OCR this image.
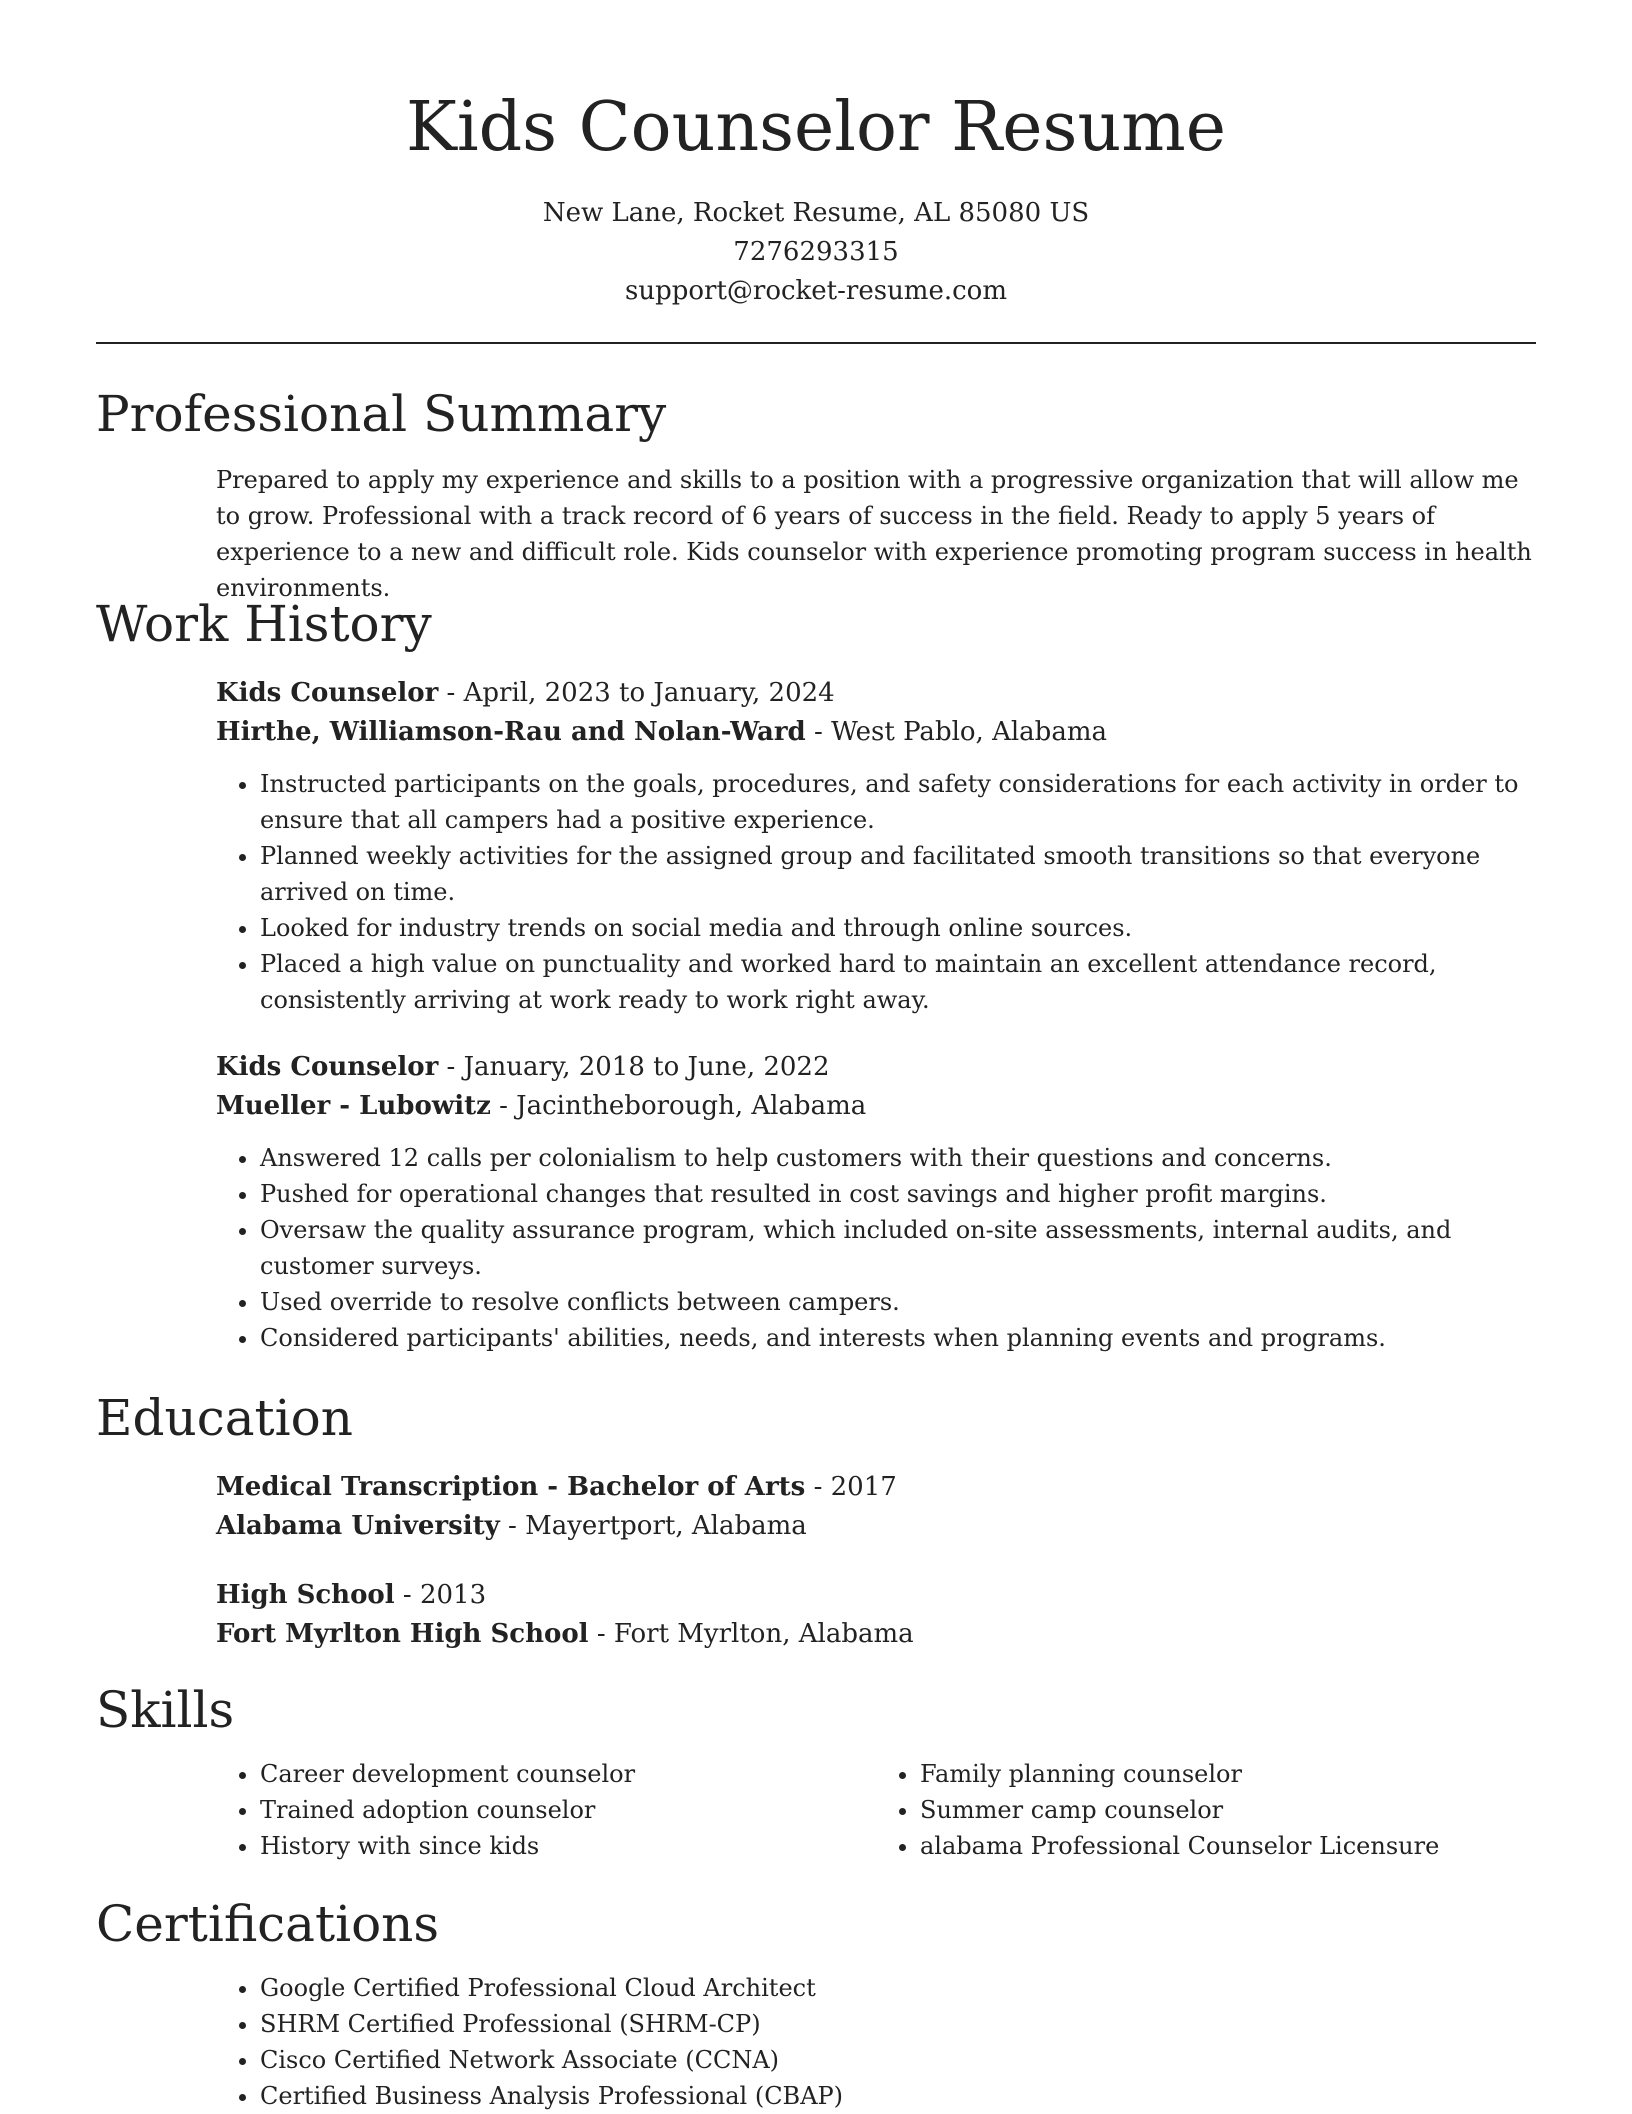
Kids Counselor Resume
New Lane, Rocket Resume, AL 85080 US
7276293315
support@rocket-resume.com
Professional Summary
Prepared to apply my experience and skills to a position with a progressive organization that will allow me to grow. Professional with a track record of 6 years of success in the field. Ready to apply 5 years of experience to a new and difficult role. Kids counselor with experience promoting program success in health environments.
Work History
Kids Counselor - April, 2023 to January, 2024
Hirthe, Williamson-Rau and Nolan-Ward - West Pablo, Alabama
• Instructed participants on the goals, procedures, and safety considerations for each activity in order to ensure that all campers had a positive experience.
• Planned weekly activities for the assigned group and facilitated smooth transitions so that everyone arrived on time.
• Looked for industry trends on social media and through online sources.
• Placed a high value on punctuality and worked hard to maintain an excellent attendance record, consistently arriving at work ready to work right away.
Kids Counselor - January, 2018 to June, 2022
Mueller - Lubowitz - Jacintheborough, Alabama
• Answered 12 calls per colonialism to help customers with their questions and concerns.
• Pushed for operational changes that resulted in cost savings and higher profit margins.
• Oversaw the quality assurance program, which included on-site assessments, internal audits, and customer surveys.
• Used override to resolve conflicts between campers.
• Considered participants' abilities, needs, and interests when planning events and programs.
Education
Medical Transcription - Bachelor of Arts - 2017
Alabama University - Mayertport, Alabama
High School - 2013
Fort Myrlton High School - Fort Myrlton, Alabama
Skills
• Career development counselor
• Trained adoption counselor
• History with since kids
• Family planning counselor
• Summer camp counselor
• alabama Professional Counselor Licensure
Certifications
• Google Certified Professional Cloud Architect
• SHRM Certified Professional (SHRM-CP)
• Cisco Certified Network Associate (CCNA)
• Certified Business Analysis Professional (CBAP)
